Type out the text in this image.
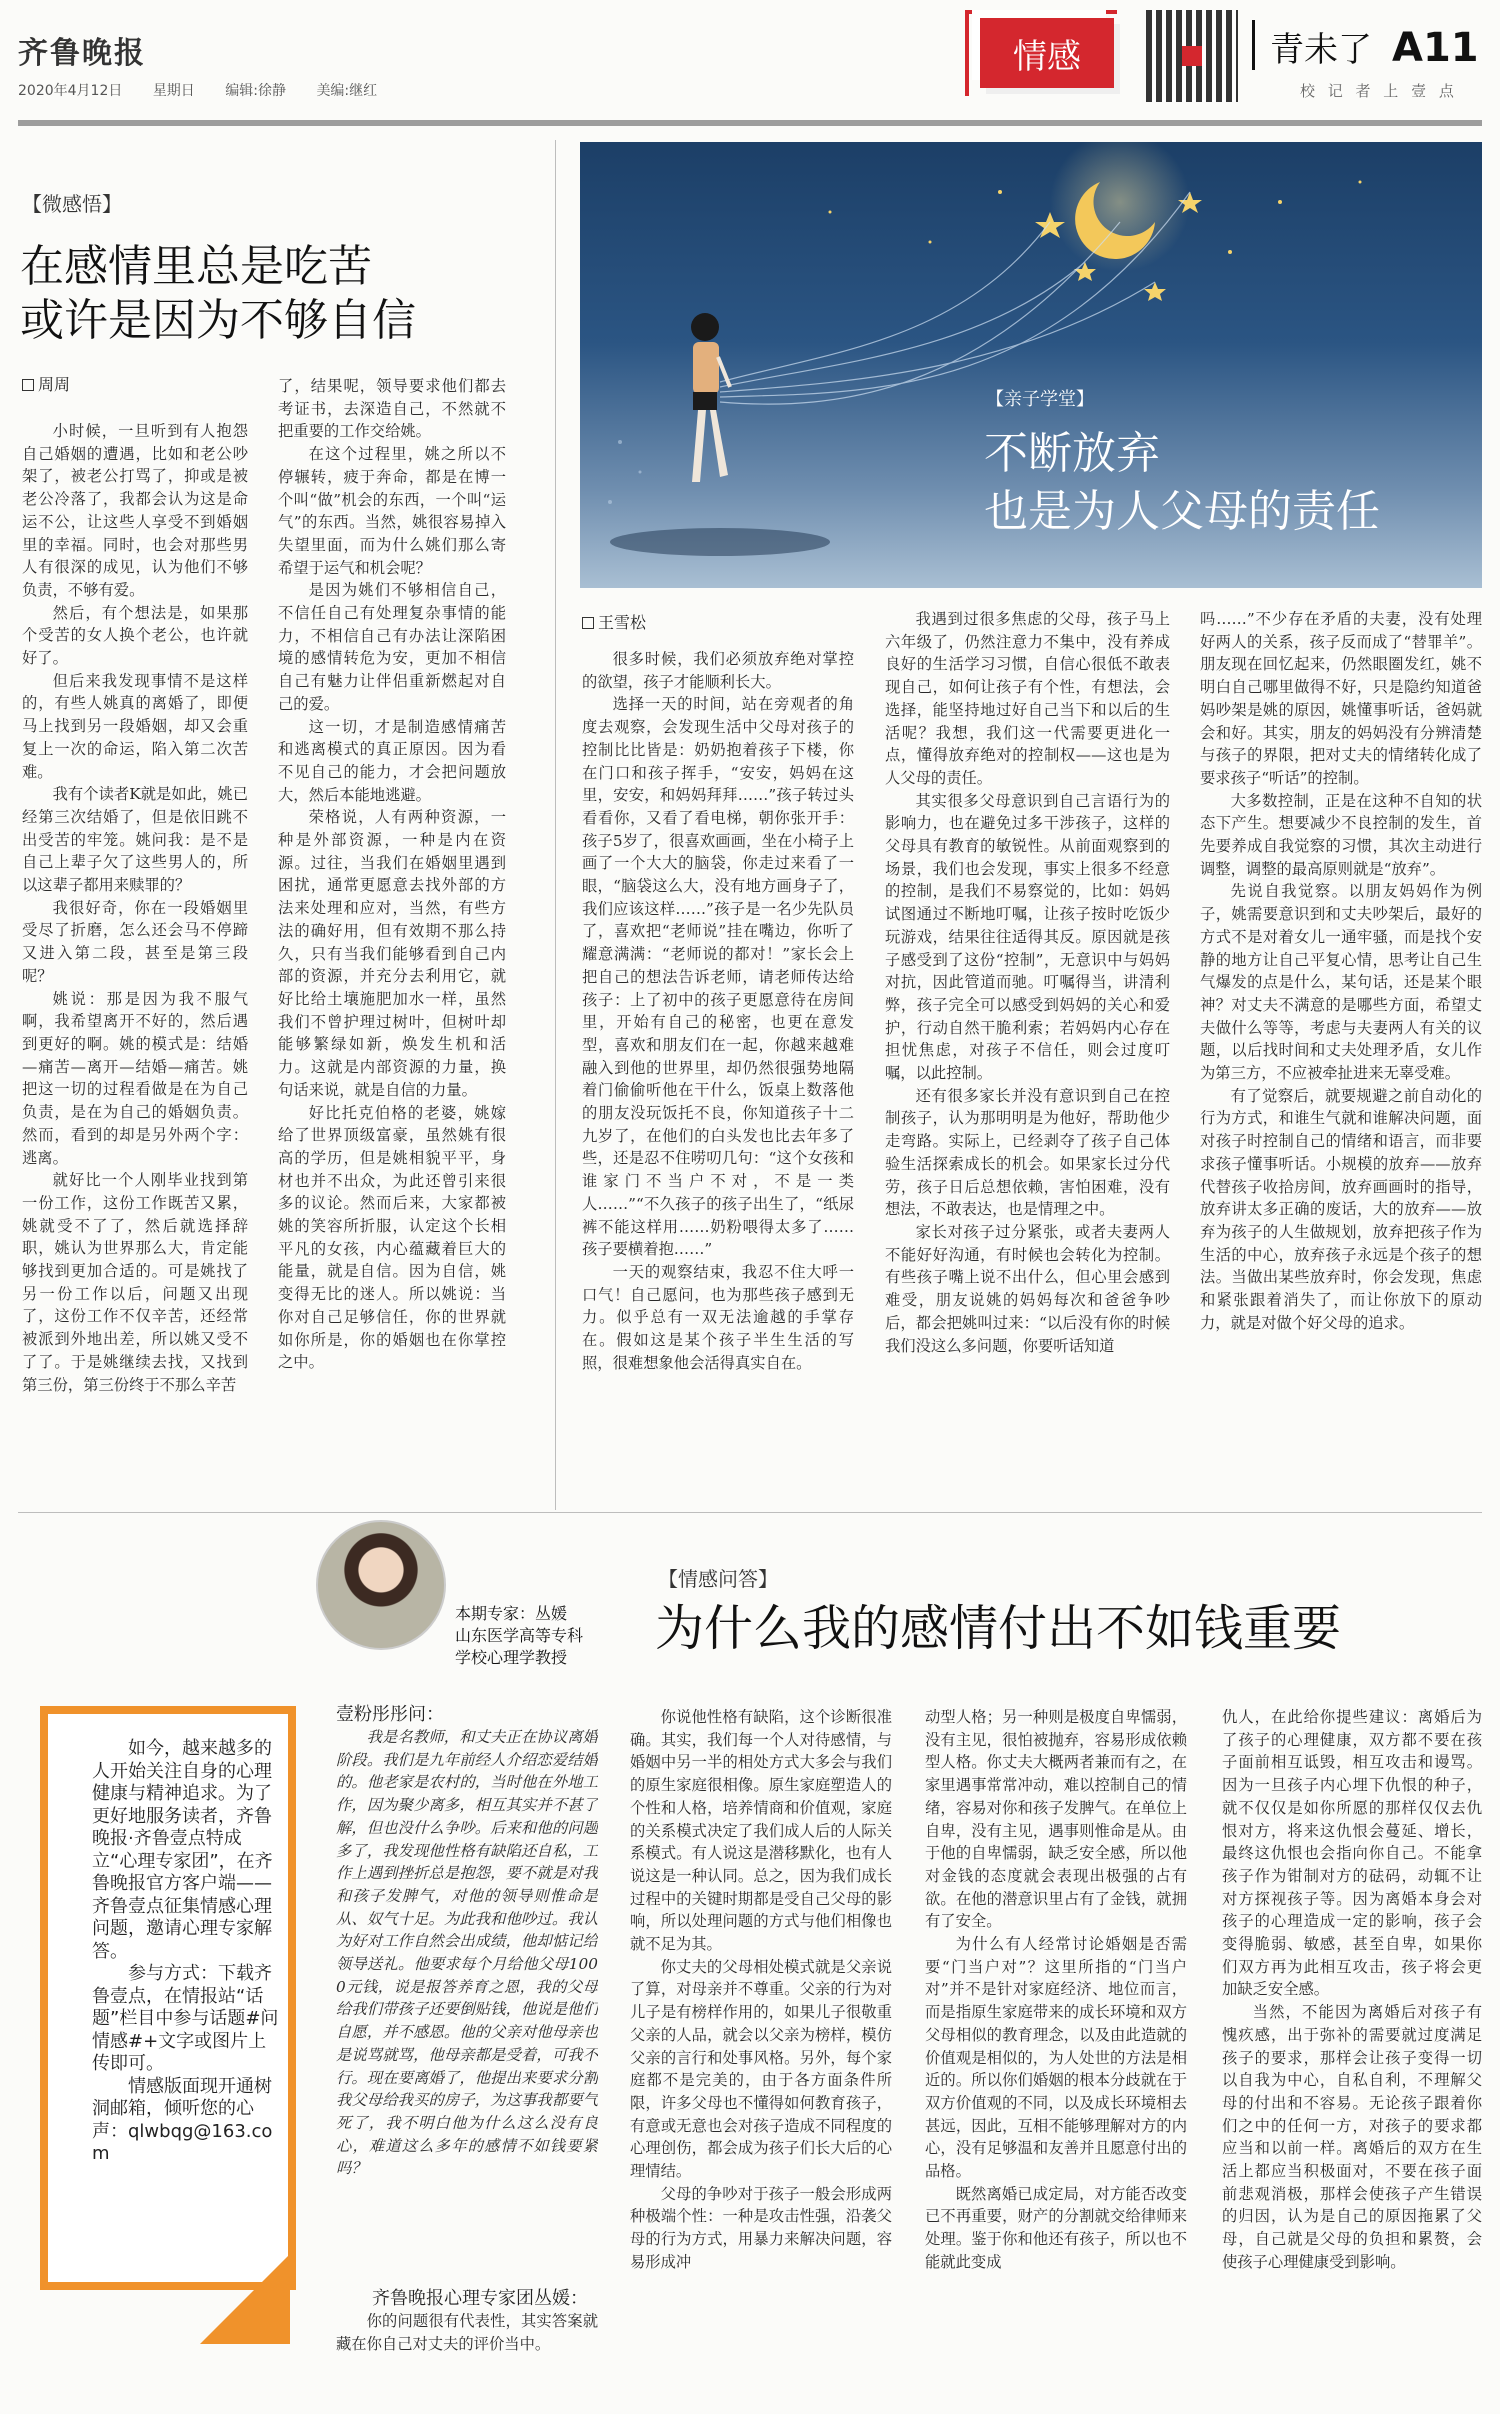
齐鲁晚报
2020年4月12日 星期日 编辑:徐静 美编:继红
情感	青未了 A11
校 记 者 上 壹 点
【微感悟】
在感情里总是吃苦
或许是因为不够自信
周周

小时候，一旦听到有人抱怨自己婚姻的遭遇，比如和老公吵架了，被老公打骂了，抑或是被老公冷落了，我都会认为这是命运不公，让这些人享受不到婚姻里的幸福。同时，也会对那些男人有很深的成见，认为他们不够负责，不够有爱。

然后，有个想法是，如果那个受苦的女人换个老公，也许就好了。

但后来我发现事情不是这样的，有些人姚真的离婚了，即便马上找到另一段婚姻，却又会重复上一次的命运，陷入第二次苦难。

我有个读者K就是如此，姚已经第三次结婚了，但是依旧跳不出受苦的牢笼。姚问我：是不是自己上辈子欠了这些男人的，所以这辈子都用来赎罪的？

我很好奇，你在一段婚姻里受尽了折磨，怎么还会马不停蹄又进入第二段，甚至是第三段呢？

姚说：那是因为我不服气啊，我希望离开不好的，然后遇到更好的啊。姚的模式是：结婚—痛苦—离开—结婚—痛苦。姚把这一切的过程看做是在为自己负责，是在为自己的婚姻负责。然而，看到的却是另外两个字：逃离。

就好比一个人刚毕业找到第一份工作，这份工作既苦又累，姚就受不了了，然后就选择辞职，姚认为世界那么大，肯定能够找到更加合适的。可是姚找了另一份工作以后，问题又出现了，这份工作不仅辛苦，还经常被派到外地出差，所以姚又受不了了。于是姚继续去找，又找到第三份，第三份终于不那么辛苦

了，结果呢，领导要求他们都去考证书，去深造自己，不然就不把重要的工作交给姚。

在这个过程里，姚之所以不停辗转，疲于奔命，都是在博一个叫“做”机会的东西，一个叫“运气”的东西。当然，姚很容易掉入失望里面，而为什么姚们那么寄希望于运气和机会呢？

是因为姚们不够相信自己，不信任自己有处理复杂事情的能力，不相信自己有办法让深陷困境的感情转危为安，更加不相信自己有魅力让伴侣重新燃起对自己的爱。

这一切，才是制造感情痛苦和逃离模式的真正原因。因为看不见自己的能力，才会把问题放大，然后本能地逃避。

荣格说，人有两种资源，一种是外部资源，一种是内在资源。过往，当我们在婚姻里遇到困扰，通常更愿意去找外部的方法来处理和应对，当然，有些方法的确好用，但有效期不那么持久，只有当我们能够看到自己内部的资源，并充分去利用它，就好比给土壤施肥加水一样，虽然我们不曾护理过树叶，但树叶却能够繁绿如新，焕发生机和活力。这就是内部资源的力量，换句话来说，就是自信的力量。

好比托克伯格的老婆，姚嫁给了世界顶级富豪，虽然姚有很高的学历，但是姚相貌平平，身材也并不出众，为此还曾引来很多的议论。然而后来，大家都被姚的笑容所折服，认定这个长相平凡的女孩，内心蕴藏着巨大的能量，就是自信。因为自信，姚变得无比的迷人。所以姚说：当你对自己足够信任，你的世界就如你所是，你的婚姻也在你掌控之中。

【亲子学堂】
不断放弃
也是为人父母的责任
王雪松

很多时候，我们必须放弃绝对掌控的欲望，孩子才能顺利长大。

选择一天的时间，站在旁观者的角度去观察，会发现生活中父母对孩子的控制比比皆是：奶奶抱着孩子下楼，你在门口和孩子挥手，“安安，妈妈在这里，安安，和妈妈拜拜……”孩子转过头看看你，又看了看电梯，朝你张开手：孩子5岁了，很喜欢画画，坐在小椅子上画了一个大大的脑袋，你走过来看了一眼，“脑袋这么大，没有地方画身子了，我们应该这样……”孩子是一名少先队员了，喜欢把“老师说”挂在嘴边，你听了耀意满满：“老师说的都对！”家长会上把自己的想法告诉老师，请老师传达给孩子：上了初中的孩子更愿意待在房间里，开始有自己的秘密，也更在意发型，喜欢和朋友们在一起，你越来越难融入到他的世界里，却仍然很强势地隔着门偷偷听他在干什么，饭桌上数落他的朋友没玩饭托不良，你知道孩子十二九岁了，在他们的白头发也比去年多了些，还是忍不住唠叨几句：“这个女孩和谁家门不当户不对，不是一类人……”“不久孩子的孩子出生了，“纸尿裤不能这样用……奶粉喂得太多了……孩子要横着抱……”

一天的观察结束，我忍不住大呼一口气！自己愿问，也为那些孩子感到无力。似乎总有一双无法逾越的手掌存在。假如这是某个孩子半生生活的写照，很难想象他会活得真实自在。

我遇到过很多焦虑的父母，孩子马上六年级了，仍然注意力不集中，没有养成良好的生活学习习惯，自信心很低不敢表现自己，如何让孩子有个性，有想法，会选择，能坚持地过好自己当下和以后的生活呢？我想，我们这一代需要更进化一点，懂得放弃绝对的控制权——这也是为人父母的责任。

其实很多父母意识到自己言语行为的影响力，也在避免过多干涉孩子，这样的父母具有教育的敏锐性。从前面观察到的场景，我们也会发现，事实上很多不经意的控制，是我们不易察觉的，比如：妈妈试图通过不断地叮嘱，让孩子按时吃饭少玩游戏，结果往往适得其反。原因就是孩子感受到了这份“控制”，无意识中与妈妈对抗，因此管道而驰。叮嘱得当，讲清利弊，孩子完全可以感受到妈妈的关心和爱护，行动自然干脆利索；若妈妈内心存在担忧焦虑，对孩子不信任，则会过度叮嘱，以此控制。

还有很多家长并没有意识到自己在控制孩子，认为那明明是为他好，帮助他少走弯路。实际上，已经剥夺了孩子自己体验生活探索成长的机会。如果家长过分代劳，孩子日后总想依赖，害怕困难，没有想法，不敢表达，也是情理之中。

家长对孩子过分紧张，或者夫妻两人不能好好沟通，有时候也会转化为控制。有些孩子嘴上说不出什么，但心里会感到难受，朋友说姚的妈妈每次和爸爸争吵后，都会把姚叫过来：“以后没有你的时候我们没这么多问题，你要听话知道

吗……”不少存在矛盾的夫妻，没有处理好两人的关系，孩子反而成了“替罪羊”。朋友现在回忆起来，仍然眼圈发红，姚不明白自己哪里做得不好，只是隐约知道爸妈吵架是姚的原因，姚懂事听话，爸妈就会和好。其实，朋友的妈妈没有分辨清楚与孩子的界限，把对丈夫的情绪转化成了要求孩子“听话”的控制。

大多数控制，正是在这种不自知的状态下产生。想要减少不良控制的发生，首先要养成自我觉察的习惯，其次主动进行调整，调整的最高原则就是“放弃”。

先说自我觉察。以朋友妈妈作为例子，姚需要意识到和丈夫吵架后，最好的方式不是对着女儿一通牢骚，而是找个安静的地方让自己平复心情，思考让自己生气爆发的点是什么，某句话，还是某个眼神？对丈夫不满意的是哪些方面，希望丈夫做什么等等，考虑与夫妻两人有关的议题，以后找时间和丈夫处理矛盾，女儿作为第三方，不应被牵扯进来无辜受难。

有了觉察后，就要规避之前自动化的行为方式，和谁生气就和谁解决问题，面对孩子时控制自己的情绪和语言，而非要求孩子懂事听话。小规模的放弃——放弃代替孩子收拾房间，放弃画画时的指导，放弃讲太多正确的废话，大的放弃——放弃为孩子的人生做规划，放弃把孩子作为生活的中心，放弃孩子永远是个孩子的想法。当做出某些放弃时，你会发现，焦虑和紧张跟着消失了，而让你放下的原动力，就是对做个好父母的追求。

本期专家：丛媛
山东医学高等专科
学校心理学教授
【情感问答】
为什么我的感情付出不如钱重要

如今，越来越多的人开始关注自身的心理健康与精神追求。为了更好地服务读者，齐鲁晚报·齐鲁壹点特成立“心理专家团”，在齐鲁晚报官方客户端——齐鲁壹点征集情感心理问题，邀请心理专家解答。

参与方式：下载齐鲁壹点，在情报站“话题”栏目中参与话题#问情感#+文字或图片上传即可。

情感版面现开通树洞邮箱，倾听您的心声：qlwbqg@163.com

壹粉彤彤问：

我是名教师，和丈夫正在协议离婚阶段。我们是九年前经人介绍恋爱结婚的。他老家是农村的，当时他在外地工作，因为聚少离多，相互其实并不甚了解，但也没什么争吵。后来和他的问题多了，我发现他性格有缺陷还自私，工作上遇到挫折总是抱怨，要不就是对我和孩子发脾气，对他的领导则惟命是从、奴气十足。为此我和他吵过。我认为好对工作自然会出成绩，他却惦记给领导送礼。他要求每个月给他父母1000元钱，说是报答养育之恩，我的父母给我们带孩子还要倒贴钱，他说是他们自愿，并不感恩。他的父亲对他母亲也是说骂就骂，他母亲都是受着，可我不行。现在要离婚了，他提出来要求分割我父母给我买的房子，为这事我都要气死了，我不明白他为什么这么没有良心，难道这么多年的感情不如钱要紧吗？

齐鲁晚报心理专家团丛媛：

你的问题很有代表性，其实答案就藏在你自己对丈夫的评价当中。

你说他性格有缺陷，这个诊断很准确。其实，我们每一个人对待感情，与婚姻中另一半的相处方式大多会与我们的原生家庭很相像。原生家庭塑造人的个性和人格，培养情商和价值观，家庭的关系模式决定了我们成人后的人际关系模式。有人说这是潜移默化，也有人说这是一种认同。总之，因为我们成长过程中的关键时期都是受自己父母的影响，所以处理问题的方式与他们相像也就不足为其。

你丈夫的父母相处模式就是父亲说了算，对母亲并不尊重。父亲的行为对儿子是有榜样作用的，如果儿子很敬重父亲的人品，就会以父亲为榜样，模仿父亲的言行和处事风格。另外，每个家庭都不是完美的，由于各方面条件所限，许多父母也不懂得如何教育孩子，有意或无意也会对孩子造成不同程度的心理创伤，都会成为孩子们长大后的心理情结。

父母的争吵对于孩子一般会形成两种极端个性：一种是攻击性强，沿袭父母的行为方式，用暴力来解决问题，容易形成冲

动型人格；另一种则是极度自卑懦弱，没有主见，很怕被抛弃，容易形成依赖型人格。你丈夫大概两者兼而有之，在家里遇事常常冲动，难以控制自己的情绪，容易对你和孩子发脾气。在单位上自卑，没有主见，遇事则惟命是从。由于他的自卑懦弱，缺乏安全感，所以他对金钱的态度就会表现出极强的占有欲。在他的潜意识里占有了金钱，就拥有了安全。

为什么有人经常讨论婚姻是否需要“门当户对”？这里所指的“门当户对”并不是针对家庭经济、地位而言，而是指原生家庭带来的成长环境和双方父母相似的教育理念，以及由此造就的价值观是相似的，为人处世的方法是相近的。所以你们婚姻的根本分歧就在于双方价值观的不同，以及成长环境相去甚远，因此，互相不能够理解对方的内心，没有足够温和友善并且愿意付出的品格。

既然离婚已成定局，对方能否改变已不再重要，财产的分割就交给律师来处理。鉴于你和他还有孩子，所以也不能就此变成

仇人，在此给你提些建议：离婚后为了孩子的心理健康，双方都不要在孩子面前相互诋毁，相互攻击和谩骂。因为一旦孩子内心埋下仇恨的种子，就不仅仅是如你所愿的那样仅仅去仇恨对方，将来这仇恨会蔓延、增长，最终这仇恨也会指向你自己。不能拿孩子作为钳制对方的砝码，动辄不让对方探视孩子等。因为离婚本身会对孩子的心理造成一定的影响，孩子会变得脆弱、敏感，甚至自卑，如果你们双方再为此相互攻击，孩子将会更加缺乏安全感。

当然，不能因为离婚后对孩子有愧疚感，出于弥补的需要就过度满足孩子的要求，那样会让孩子变得一切以自我为中心，自私自利，不理解父母的付出和不容易。无论孩子跟着你们之中的任何一方，对孩子的要求都应当和以前一样。离婚后的双方在生活上都应当积极面对，不要在孩子面前悲观消极，那样会使孩子产生错误的归因，认为是自己的原因拖累了父母，自己就是父母的负担和累赘，会使孩子心理健康受到影响。
